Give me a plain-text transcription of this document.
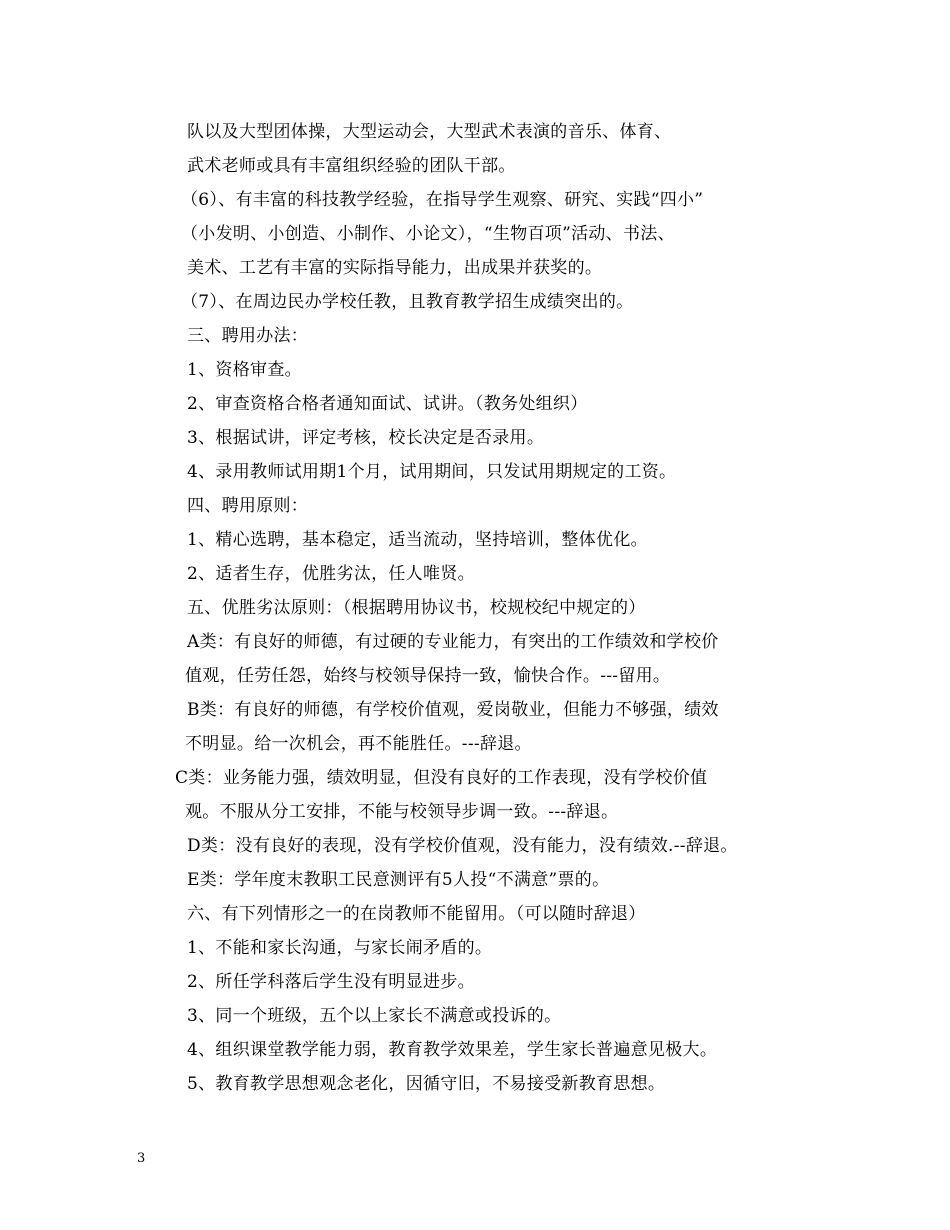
队以及大型团体操，大型运动会，大型武术表演的音乐、体育、
武术老师或具有丰富组织经验的团队干部。
（6）、有丰富的科技教学经验，在指导学生观察、研究、实践“四小”
（小发明、小创造、小制作、小论文），“生物百项”活动、书法、
美术、工艺有丰富的实际指导能力，出成果并获奖的。
（7）、在周边民办学校任教，且教育教学招生成绩突出的。
三、聘用办法：
1、资格审查。
2、审查资格合格者通知面试、试讲。（教务处组织）
3、根据试讲，评定考核，校长决定是否录用。
4、录用教师试用期1个月，试用期间，只发试用期规定的工资。
四、聘用原则：
1、精心选聘，基本稳定，适当流动，坚持培训，整体优化。
2、适者生存，优胜劣汰，任人唯贤。
五、优胜劣汰原则：（根据聘用协议书，校规校纪中规定的）
A类：有良好的师德，有过硬的专业能力，有突出的工作绩效和学校价
值观，任劳任怨，始终与校领导保持一致，愉快合作。---留用。
B类：有良好的师德，有学校价值观，爱岗敬业，但能力不够强，绩效
不明显。给一次机会，再不能胜任。---辞退。
C类：业务能力强，绩效明显，但没有良好的工作表现，没有学校价值
观。不服从分工安排，不能与校领导步调一致。---辞退。
D类：没有良好的表现，没有学校价值观，没有能力，没有绩效.--辞退。
E类：学年度末教职工民意测评有5人投“不满意”票的。
六、有下列情形之一的在岗教师不能留用。（可以随时辞退）
1、不能和家长沟通，与家长闹矛盾的。
2、所任学科落后学生没有明显进步。
3、同一个班级，五个以上家长不满意或投诉的。
4、组织课堂教学能力弱，教育教学效果差，学生家长普遍意见极大。
5、教育教学思想观念老化，因循守旧，不易接受新教育思想。
3
